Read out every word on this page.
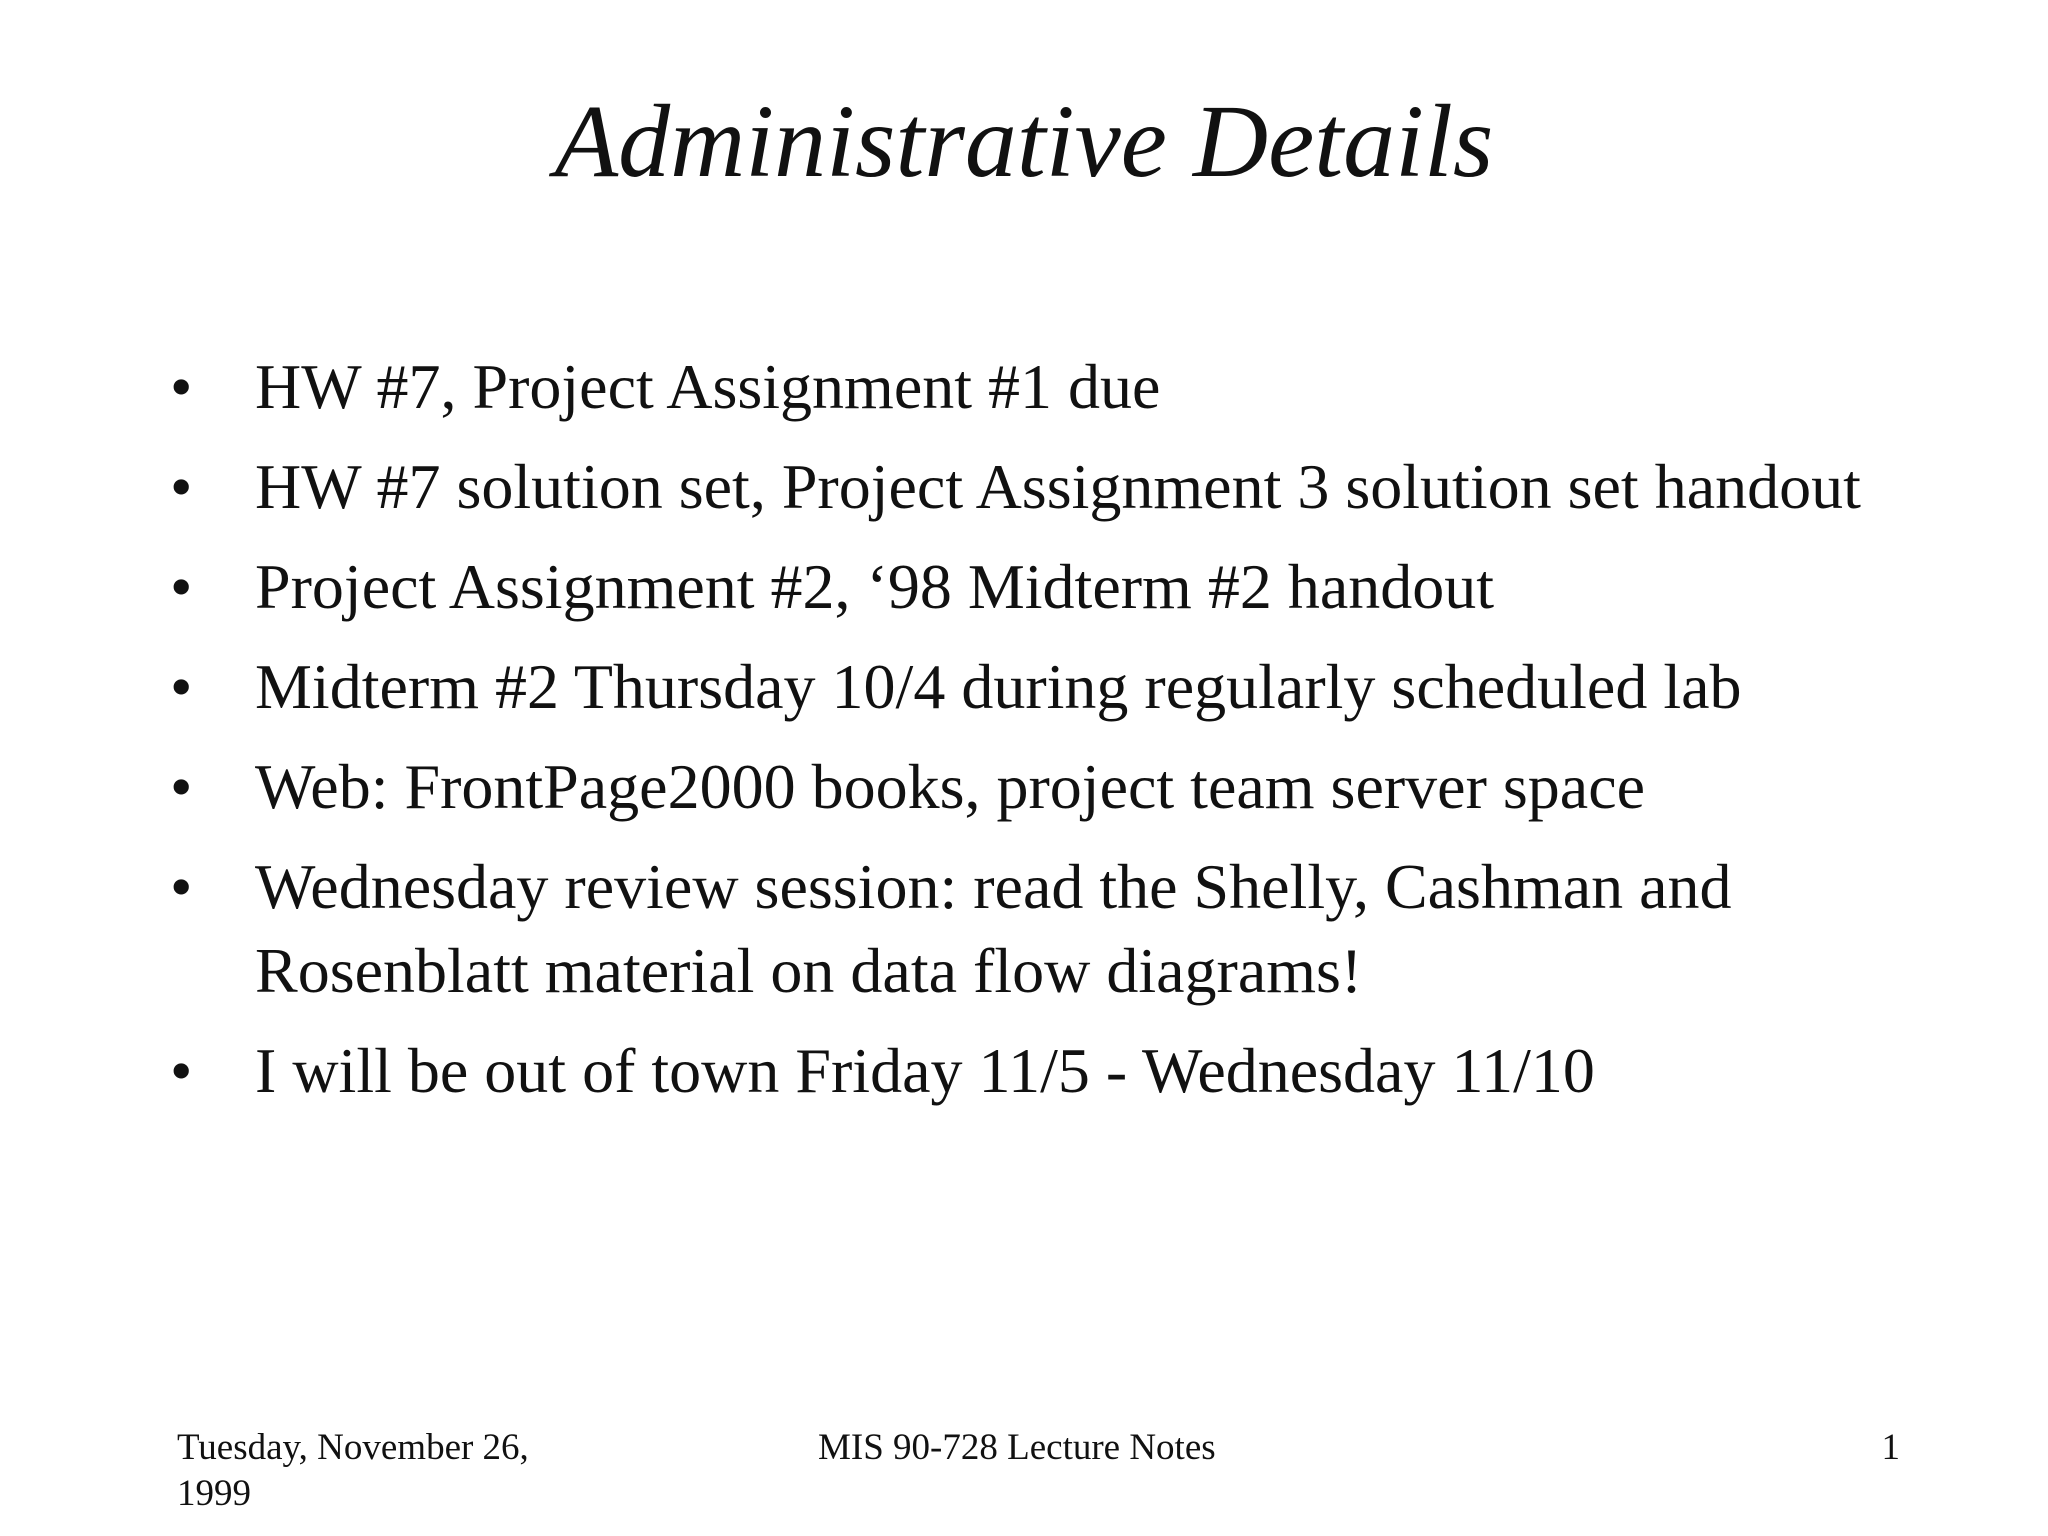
Administrative Details
• HW #7, Project Assignment #1 due
• HW #7 solution set, Project Assignment 3 solution set handout
• Project Assignment #2, ‘98 Midterm #2 handout
• Midterm #2 Thursday 10/4 during regularly scheduled lab
• Web: FrontPage2000 books, project team server space
• Wednesday review session: read the Shelly, Cashman and Rosenblatt material on data flow diagrams!
• I will be out of town Friday 11/5 - Wednesday 11/10
Tuesday, November 26, 1999
MIS 90-728 Lecture Notes	1
